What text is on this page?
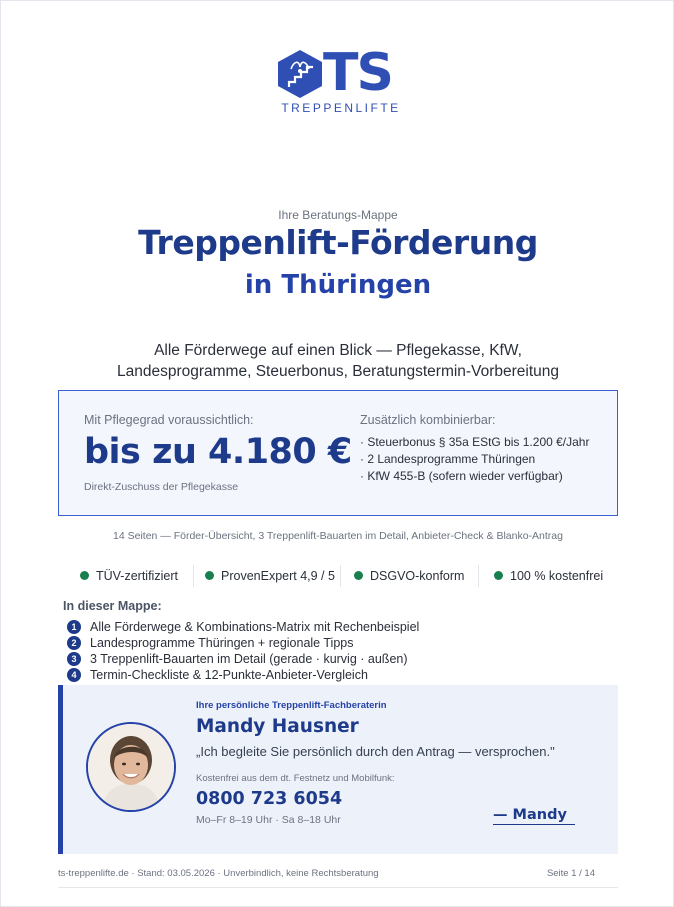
TS
TREPPENLIFTE
Ihre Beratungs-Mappe
Treppenlift-Förderung
in Thüringen
Alle Förderwege auf einen Blick — Pflegekasse, KfW,
Landesprogramme, Steuerbonus, Beratungstermin-Vorbereitung
Mit Pflegegrad voraussichtlich:
bis zu 4.180 €
Direkt-Zuschuss der Pflegekasse
Zusätzlich kombinierbar:
· Steuerbonus § 35a EStG bis 1.200 €/Jahr
· 2 Landesprogramme Thüringen
· KfW 455-B (sofern wieder verfügbar)
14 Seiten — Förder-Übersicht, 3 Treppenlift-Bauarten im Detail, Anbieter-Check & Blanko-Antrag
TÜV-zertifiziert	ProvenExpert 4,9 / 5	DSGVO-konform	100 % kostenfrei
In dieser Mappe:
1	Alle Förderwege & Kombinations-Matrix mit Rechenbeispiel
2	Landesprogramme Thüringen + regionale Tipps
3	3 Treppenlift-Bauarten im Detail (gerade · kurvig · außen)
4	Termin-Checkliste & 12-Punkte-Anbieter-Vergleich
Ihre persönliche Treppenlift-Fachberaterin
Mandy Hausner
„Ich begleite Sie persönlich durch den Antrag — versprochen."
Kostenfrei aus dem dt. Festnetz und Mobilfunk:
0800 723 6054
Mo–Fr 8–19 Uhr · Sa 8–18 Uhr	— Mandy
ts-treppenlifte.de · Stand: 03.05.2026 · Unverbindlich, keine Rechtsberatung	Seite 1 / 14
